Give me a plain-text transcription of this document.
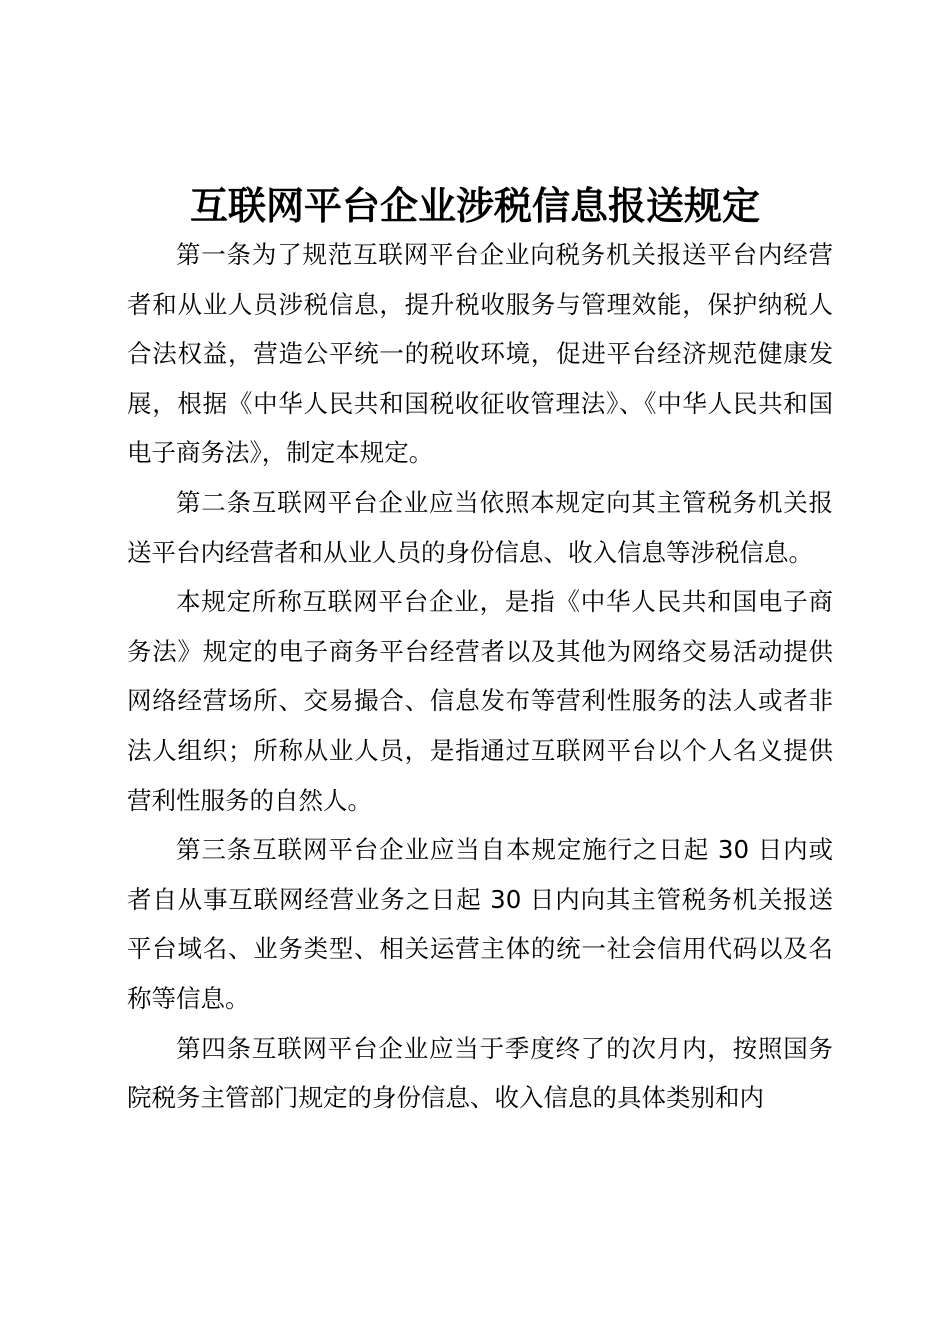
互联网平台企业涉税信息报送规定

第一条为了规范互联网平台企业向税务机关报送平台内经营者和从业人员涉税信息，提升税收服务与管理效能，保护纳税人合法权益，营造公平统一的税收环境，促进平台经济规范健康发展，根据《中华人民共和国税收征收管理法》、《中华人民共和国电子商务法》，制定本规定。

第二条互联网平台企业应当依照本规定向其主管税务机关报送平台内经营者和从业人员的身份信息、收入信息等涉税信息。

本规定所称互联网平台企业，是指《中华人民共和国电子商务法》规定的电子商务平台经营者以及其他为网络交易活动提供网络经营场所、交易撮合、信息发布等营利性服务的法人或者非法人组织；所称从业人员，是指通过互联网平台以个人名义提供营利性服务的自然人。

第三条互联网平台企业应当自本规定施行之日起 30 日内或者自从事互联网经营业务之日起 30 日内向其主管税务机关报送平台域名、业务类型、相关运营主体的统一社会信用代码以及名称等信息。

第四条互联网平台企业应当于季度终了的次月内，按照国务院税务主管部门规定的身份信息、收入信息的具体类别和内
